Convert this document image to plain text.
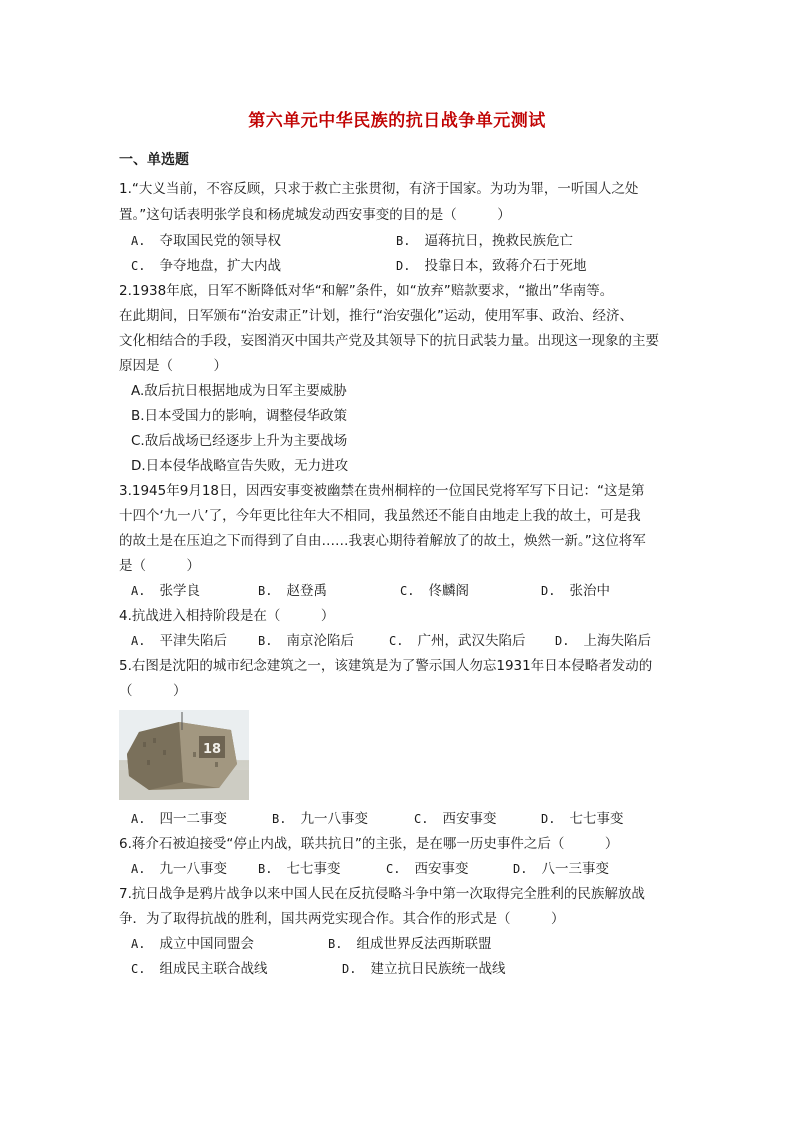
第六单元中华民族的抗日战争单元测试
一、单选题
1.“大义当前，不容反顾，只求于救亡主张贯彻，有济于国家。为功为罪，一听国人之处
置。”这句话表明张学良和杨虎城发动西安事变的目的是（　　　）
A. 夺取国民党的领导权	B. 逼蒋抗日，挽救民族危亡
C. 争夺地盘，扩大内战	D. 投靠日本，致蒋介石于死地
2.1938年底，日军不断降低对华“和解”条件，如“放弃”赔款要求，“撤出”华南等。
在此期间，日军颁布“治安肃正”计划，推行“治安强化”运动，使用军事、政治、经济、
文化相结合的手段，妄图消灭中国共产党及其领导下的抗日武装力量。出现这一现象的主要
原因是（　　　）
A.敌后抗日根据地成为日军主要威胁
B.日本受国力的影响，调整侵华政策
C.敌后战场已经逐步上升为主要战场
D.日本侵华战略宣告失败，无力进攻
3.1945年9月18日，因西安事变被幽禁在贵州桐梓的一位国民党将军写下日记：“这是第
十四个‘九一八’了，今年更比往年大不相同，我虽然还不能自由地走上我的故土，可是我
的故土是在压迫之下而得到了自由……我衷心期待着解放了的故土，焕然一新。”这位将军
是（　　　）
A. 张学良	B. 赵登禹	C. 佟麟阁	D. 张治中
4.抗战进入相持阶段是在（　　　）
A. 平津失陷后	B. 南京沦陷后	C. 广州，武汉失陷后 D. 上海失陷后
5.右图是沈阳的城市纪念建筑之一，该建筑是为了警示国人勿忘1931年日本侵略者发动的
（　　　）
18
A. 四一二事变	B. 九一八事变	C. 西安事变	D. 七七事变
6.蒋介石被迫接受“停止内战，联共抗日”的主张，是在哪一历史事件之后（　　　）
A. 九一八事变	B. 七七事变	C. 西安事变	D. 八一三事变
7.抗日战争是鸦片战争以来中国人民在反抗侵略斗争中第一次取得完全胜利的民族解放战
争．为了取得抗战的胜利，国共两党实现合作。其合作的形式是（　　　）
A. 成立中国同盟会	B. 组成世界反法西斯联盟
C. 组成民主联合战线	D. 建立抗日民族统一战线
